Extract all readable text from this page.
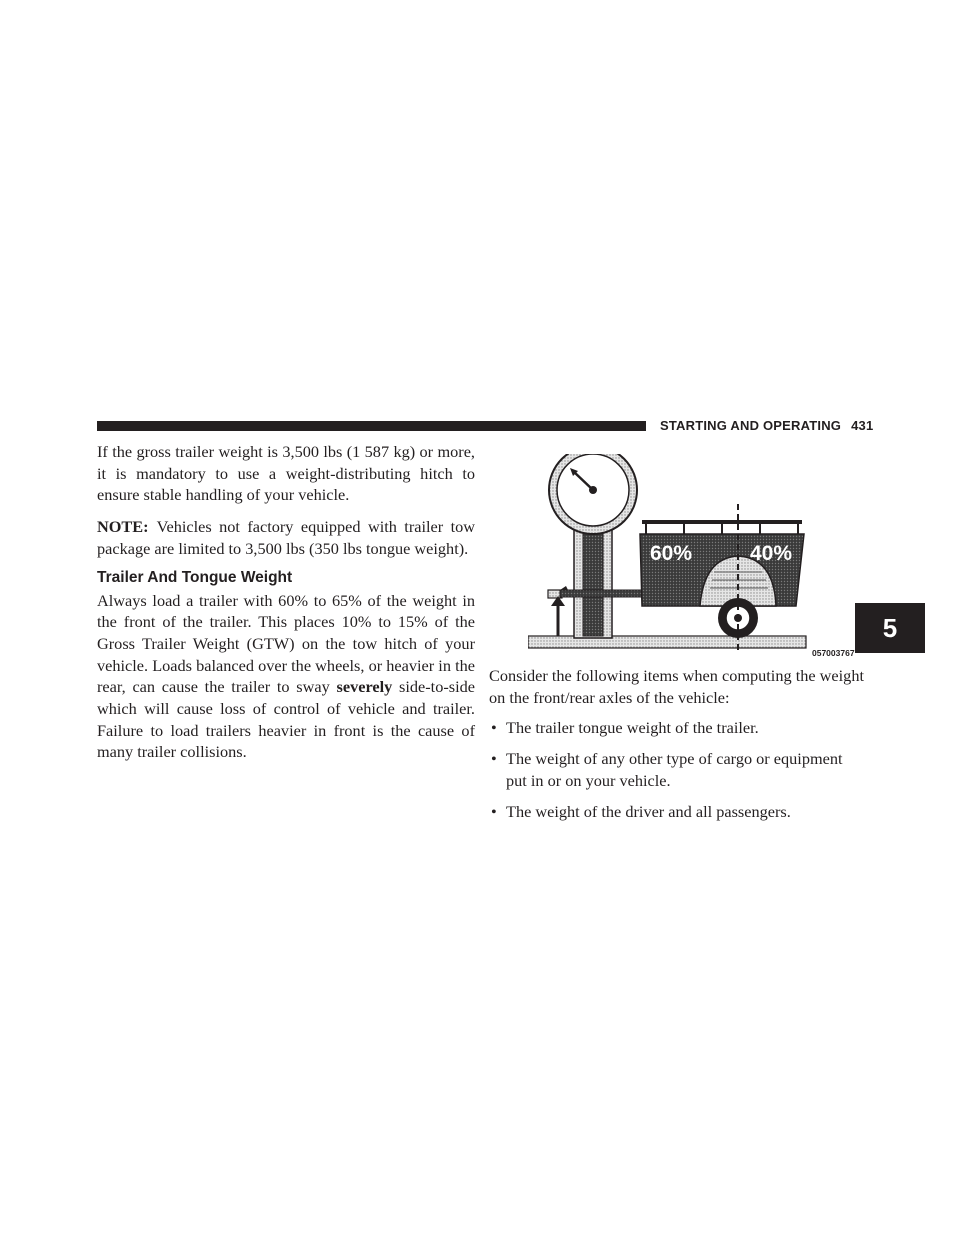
STARTING AND OPERATING 431
5

If the gross trailer weight is 3,500 lbs (1 587 kg) or more, it is mandatory to use a weight-distributing hitch to ensure stable handling of your vehicle.

NOTE: Vehicles not factory equipped with trailer tow package are limited to 3,500 lbs (350 lbs tongue weight).

Trailer And Tongue Weight

Always load a trailer with 60% to 65% of the weight in the front of the trailer. This places 10% to 15% of the Gross Trailer Weight (GTW) on the tow hitch of your vehicle. Loads balanced over the wheels, or heavier in the rear, can cause the trailer to sway severely side-to-side which will cause loss of control of vehicle and trailer. Failure to load trailers heavier in front is the cause of many trailer collisions.

60%	40%
057003767

Consider the following items when computing the weight on the front/rear axles of the vehicle:

• The trailer tongue weight of the trailer.
• The weight of any other type of cargo or equipment put in or on your vehicle.
• The weight of the driver and all passengers.
